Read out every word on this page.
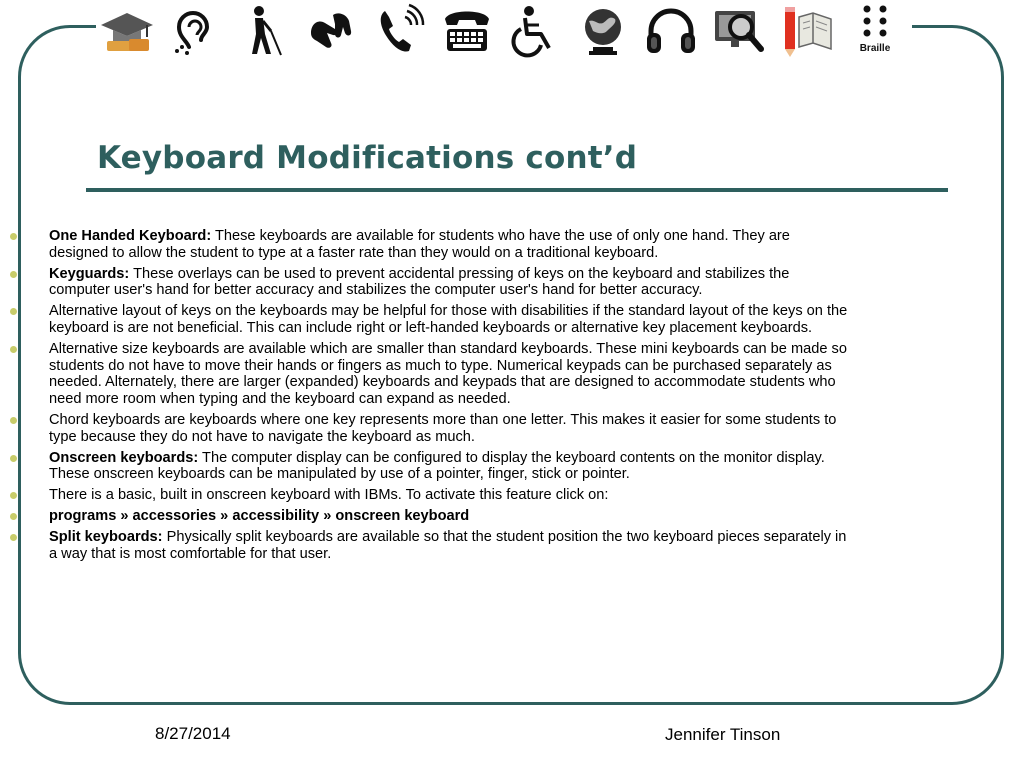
Braille
Keyboard Modifications cont’d
One Handed Keyboard: These keyboards are available for students who have the use of only one hand. They are designed to allow the student to type at a faster rate than they would on a traditional keyboard.
Keyguards: These overlays can be used to prevent accidental pressing of keys on the keyboard and stabilizes the computer user's hand for better accuracy and stabilizes the computer user's hand for better accuracy.
Alternative layout of keys on the keyboards may be helpful for those with disabilities if the standard layout of the keys on the keyboard is are not beneficial. This can include right or left-handed keyboards or alternative key placement keyboards.
Alternative size keyboards are available which are smaller than standard keyboards. These mini keyboards can be made so students do not have to move their hands or fingers as much to type. Numerical keypads can be purchased separately as needed. Alternately, there are larger (expanded) keyboards and keypads that are designed to accommodate students who need more room when typing and the keyboard can expand as needed.
Chord keyboards are keyboards where one key represents more than one letter. This makes it easier for some students to type because they do not have to navigate the keyboard as much.
Onscreen keyboards: The computer display can be configured to display the keyboard contents on the monitor display. These onscreen keyboards can be manipulated by use of a pointer, finger, stick or pointer.
There is a basic, built in onscreen keyboard with IBMs. To activate this feature click on:
programs » accessories » accessibility » onscreen keyboard
Split keyboards: Physically split keyboards are available so that the student position the two keyboard pieces separately in a way that is most comfortable for that user.
8/27/2014	Jennifer Tinson
